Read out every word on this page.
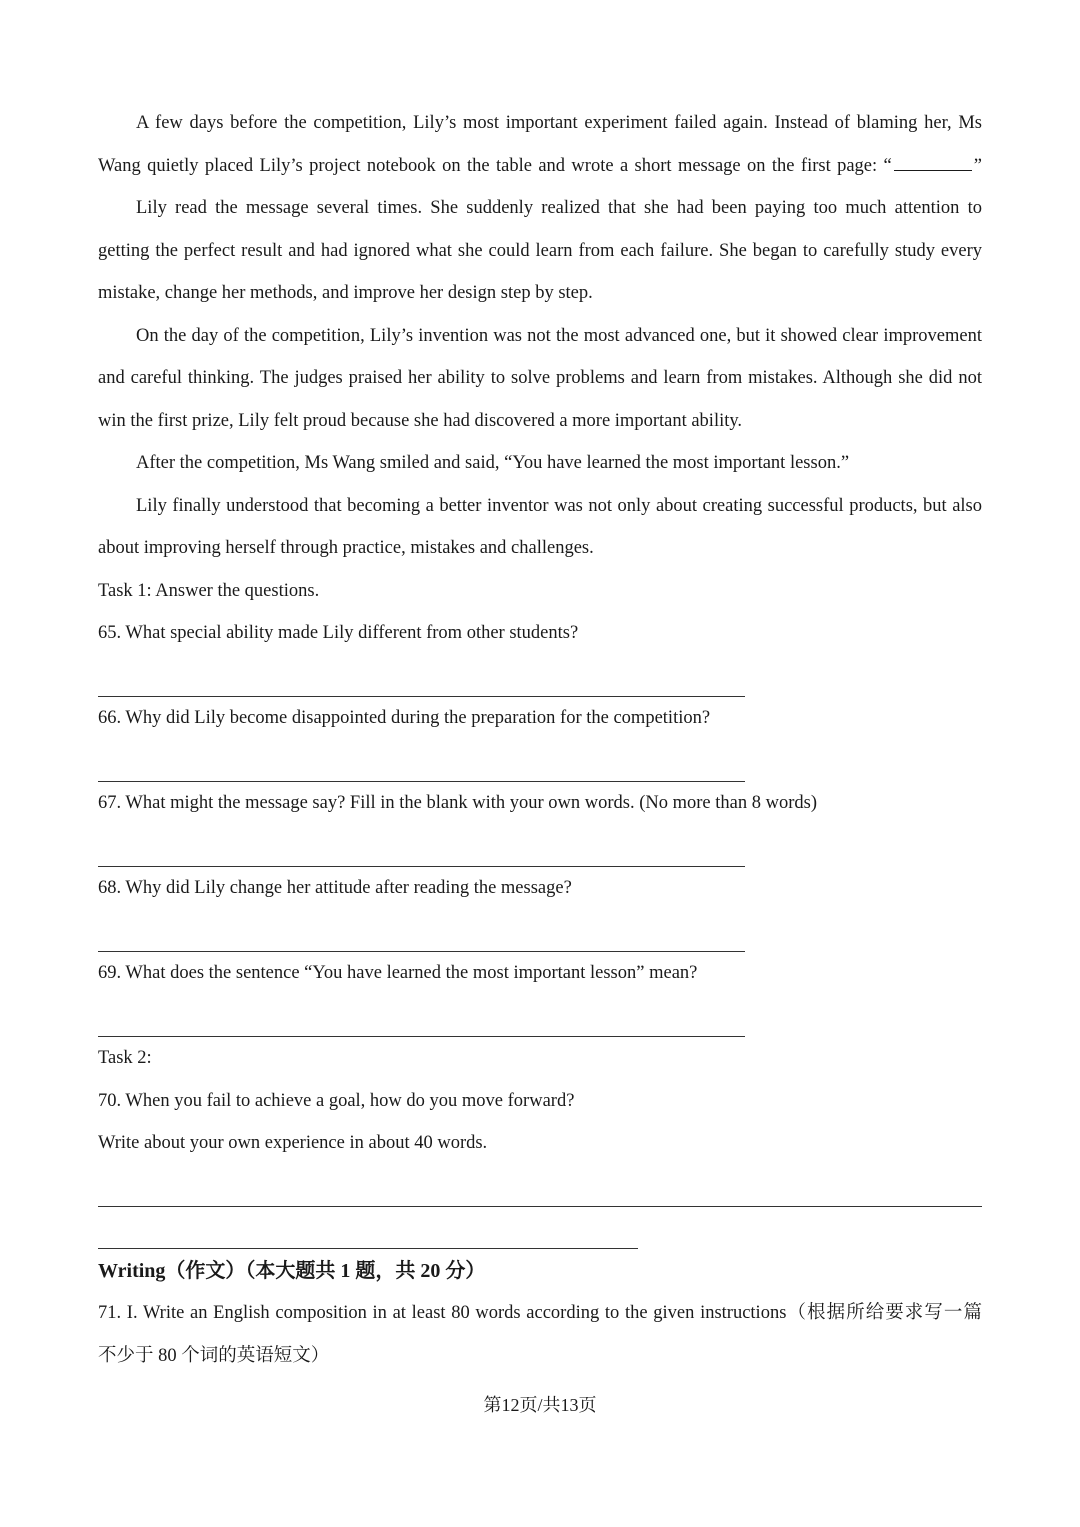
A few days before the competition, Lily’s most important experiment failed again. Instead of blaming her, Ms
Wang quietly placed Lily’s project notebook on the table and wrote a short message on the first page: “	”
Lily read the message several times. She suddenly realized that she had been paying too much attention to
getting the perfect result and had ignored what she could learn from each failure. She began to carefully study every
mistake, change her methods, and improve her design step by step.
On the day of the competition, Lily’s invention was not the most advanced one, but it showed clear improvement
and careful thinking. The judges praised her ability to solve problems and learn from mistakes. Although she did not
win the first prize, Lily felt proud because she had discovered a more important ability.
After the competition, Ms Wang smiled and said, “You have learned the most important lesson.”
Lily finally understood that becoming a better inventor was not only about creating successful products, but also
about improving herself through practice, mistakes and challenges.
Task 1: Answer the questions.
65. What special ability made Lily different from other students?
66. Why did Lily become disappointed during the preparation for the competition?
67. What might the message say? Fill in the blank with your own words. (No more than 8 words)
68. Why did Lily change her attitude after reading the message?
69. What does the sentence “You have learned the most important lesson” mean?
Task 2:
70. When you fail to achieve a goal, how do you move forward?
Write about your own experience in about 40 words.
Writing（作文）（本大题共 1 题，共 20 分）
71. I. Write an English composition in at least 80 words according to the given instructions（根据所给要求写一篇
不少于 80 个词的英语短文）
第12页/共13页
